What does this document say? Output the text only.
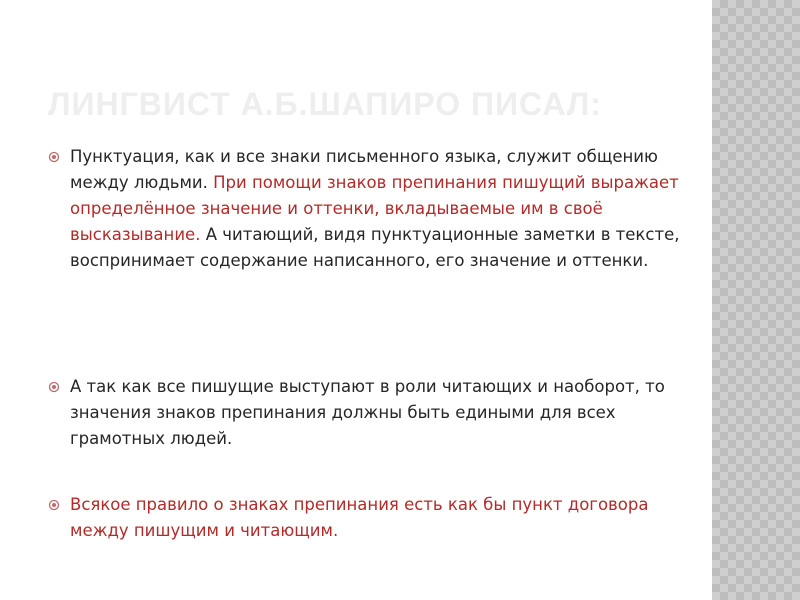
ЛИНГВИСТ А.Б.ШАПИРО ПИСАЛ:
Пунктуация, как и все знаки письменного языка, служит общению между людьми. При помощи знаков препинания пишущий выражает определённое значение и оттенки, вкладываемые им в своё высказывание. А читающий, видя пунктуационные заметки в тексте, воспринимает содержание написанного, его значение и оттенки.
А так как все пишущие выступают в роли читающих и наоборот, то значения знаков препинания должны быть едиными для всех грамотных людей.
Всякое правило о знаках препинания есть как бы пункт договора между пишущим и читающим.
